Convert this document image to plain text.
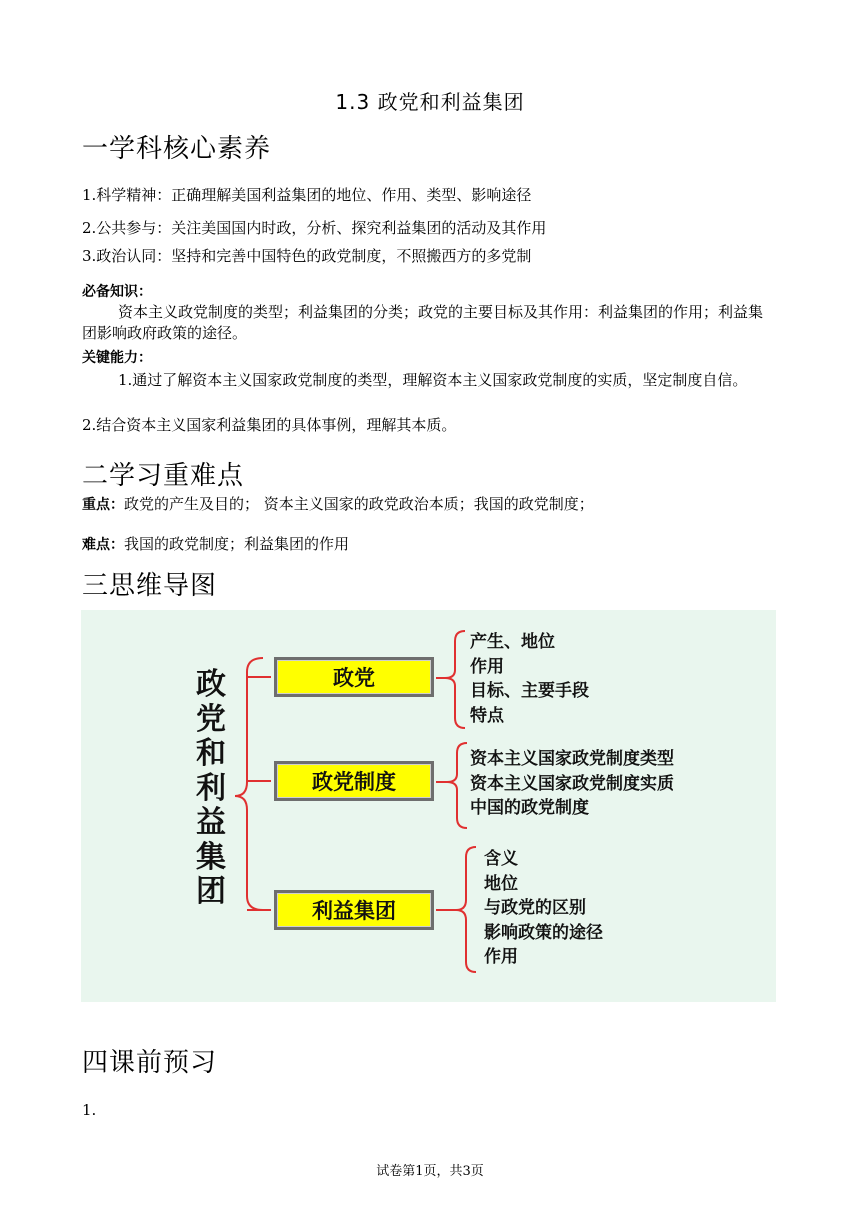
1.3 政党和利益集团
一学科核心素养
1.科学精神：正确理解美国利益集团的地位、作用、类型、影响途径
2.公共参与：关注美国国内时政，分析、探究利益集团的活动及其作用
3.政治认同：坚持和完善中国特色的政党制度，不照搬西方的多党制
必备知识：
资本主义政党制度的类型；利益集团的分类；政党的主要目标及其作用：利益集团的作用；利益集团影响政府政策的途径。
关键能力：
1.通过了解资本主义国家政党制度的类型，理解资本主义国家政党制度的实质，坚定制度自信。
2.结合资本主义国家利益集团的具体事例，理解其本质。
二学习重难点
重点：政党的产生及目的； 资本主义国家的政党政治本质；我国的政党制度；
难点：我国的政党制度；利益集团的作用
三思维导图
政
党
和
利
益
集
团
政党
政党制度
利益集团
产生、地位
作用
目标、主要手段
特点
资本主义国家政党制度类型
资本主义国家政党制度实质
中国的政党制度
含义
地位
与政党的区别
影响政策的途径
作用
四课前预习
1.
试卷第1页，共3页
